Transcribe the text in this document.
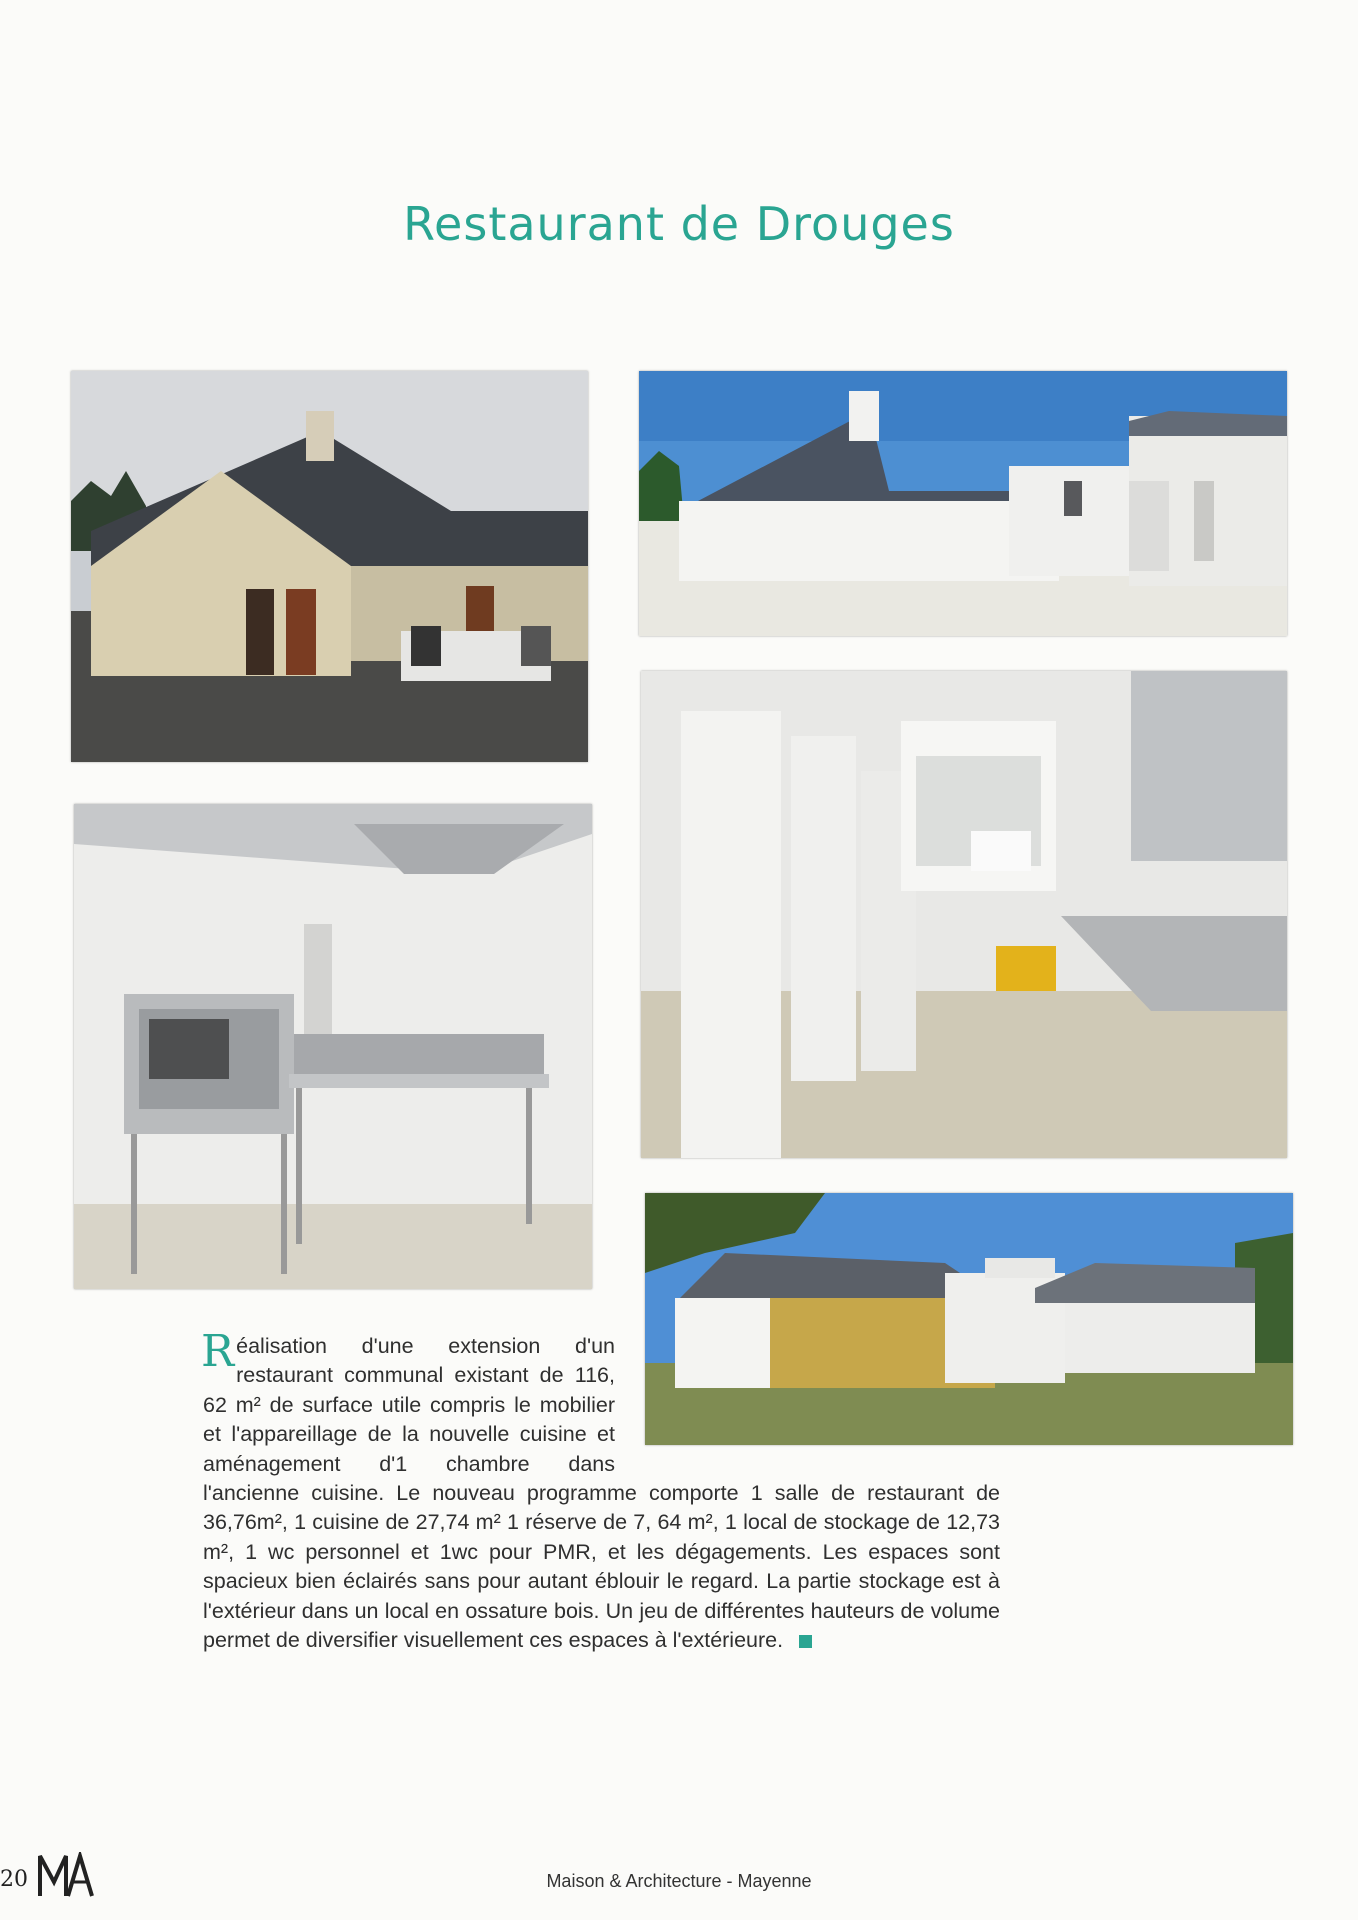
Restaurant de Drouges
Réalisation d'une extension d'un restaurant communal existant de 116, 62 m² de surface utile compris le mobilier et l'appareillage de la nouvelle cuisine et aménagement d'1 chambre dans l'ancienne cuisine. Le nouveau programme comporte 1 salle de restaurant de 36,76m², 1 cuisine de 27,74 m² 1 réserve de 7, 64 m², 1 local de stockage de 12,73 m², 1 wc personnel et 1wc pour PMR, et les dégagements. Les espaces sont spacieux bien éclairés sans pour autant éblouir le regard. La partie stockage est à l'extérieur dans un local en ossature bois. Un jeu de différentes hauteurs de volume permet de diversifier visuellement ces espaces à l'extérieure.
20	Maison & Architecture - Mayenne
